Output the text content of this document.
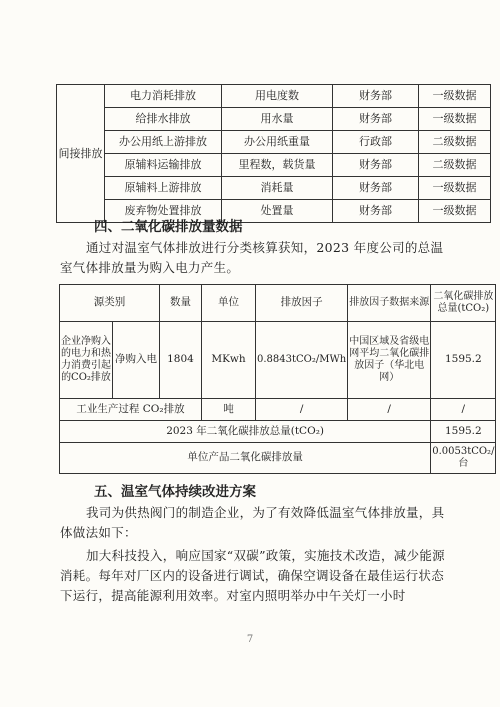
间接排放	电力消耗排放	用电度数	财务部	一级数据
	给排水排放	用水量	财务部	一级数据
	办公用纸上游排放	办公用纸重量	行政部	二级数据
	原辅料运输排放	里程数，载货量	财务部	二级数据
	原辅料上游排放	消耗量	财务部	一级数据
	废弃物处置排放	处置量	财务部	一级数据
四、二氧化碳排放量数据
通过对温室气体排放进行分类核算获知，2023 年度公司的总温室气体排放量为购入电力产生。
源类别		数量	单位	排放因子	排放因子数据来源	二氧化碳排放总量(tCO₂)
企业净购入的电力和热力消费引起的CO₂排放	净购入电	1804	MKwh	0.8843tCO₂/MWh	中国区域及省级电网平均二氧化碳排放因子（华北电网）	1595.2
工业生产过程 CO₂排放			吨	/	/	/
2023 年二氧化碳排放总量(tCO₂)						1595.2
单位产品二氧化碳排放量						0.0053tCO₂/台
五、温室气体持续改进方案
我司为供热阀门的制造企业，为了有效降低温室气体排放量，具体做法如下：
加大科技投入，响应国家“双碳”政策，实施技术改造，减少能源消耗。每年对厂区内的设备进行调试，确保空调设备在最佳运行状态下运行，提高能源利用效率。对室内照明举办中午关灯一小时
7
